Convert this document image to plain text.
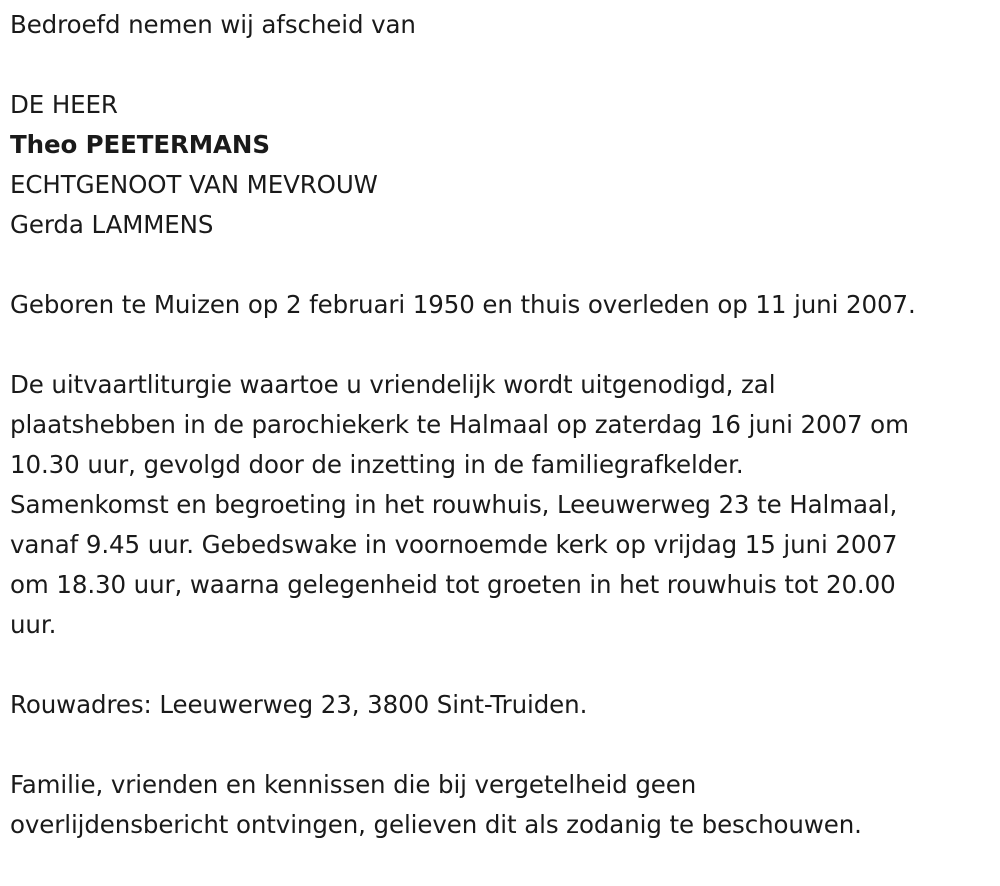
Bedroefd nemen wij afscheid van
DE HEER
Theo PEETERMANS
ECHTGENOOT VAN MEVROUW
Gerda LAMMENS
Geboren te Muizen op 2 februari 1950 en thuis overleden op 11 juni 2007.
De uitvaartliturgie waartoe u vriendelijk wordt uitgenodigd, zal
plaatshebben in de parochiekerk te Halmaal op zaterdag 16 juni 2007 om
10.30 uur, gevolgd door de inzetting in de familiegrafkelder.
Samenkomst en begroeting in het rouwhuis, Leeuwerweg 23 te Halmaal,
vanaf 9.45 uur. Gebedswake in voornoemde kerk op vrijdag 15 juni 2007
om 18.30 uur, waarna gelegenheid tot groeten in het rouwhuis tot 20.00
uur.
Rouwadres: Leeuwerweg 23, 3800 Sint-Truiden.
Familie, vrienden en kennissen die bij vergetelheid geen
overlijdensbericht ontvingen, gelieven dit als zodanig te beschouwen.
